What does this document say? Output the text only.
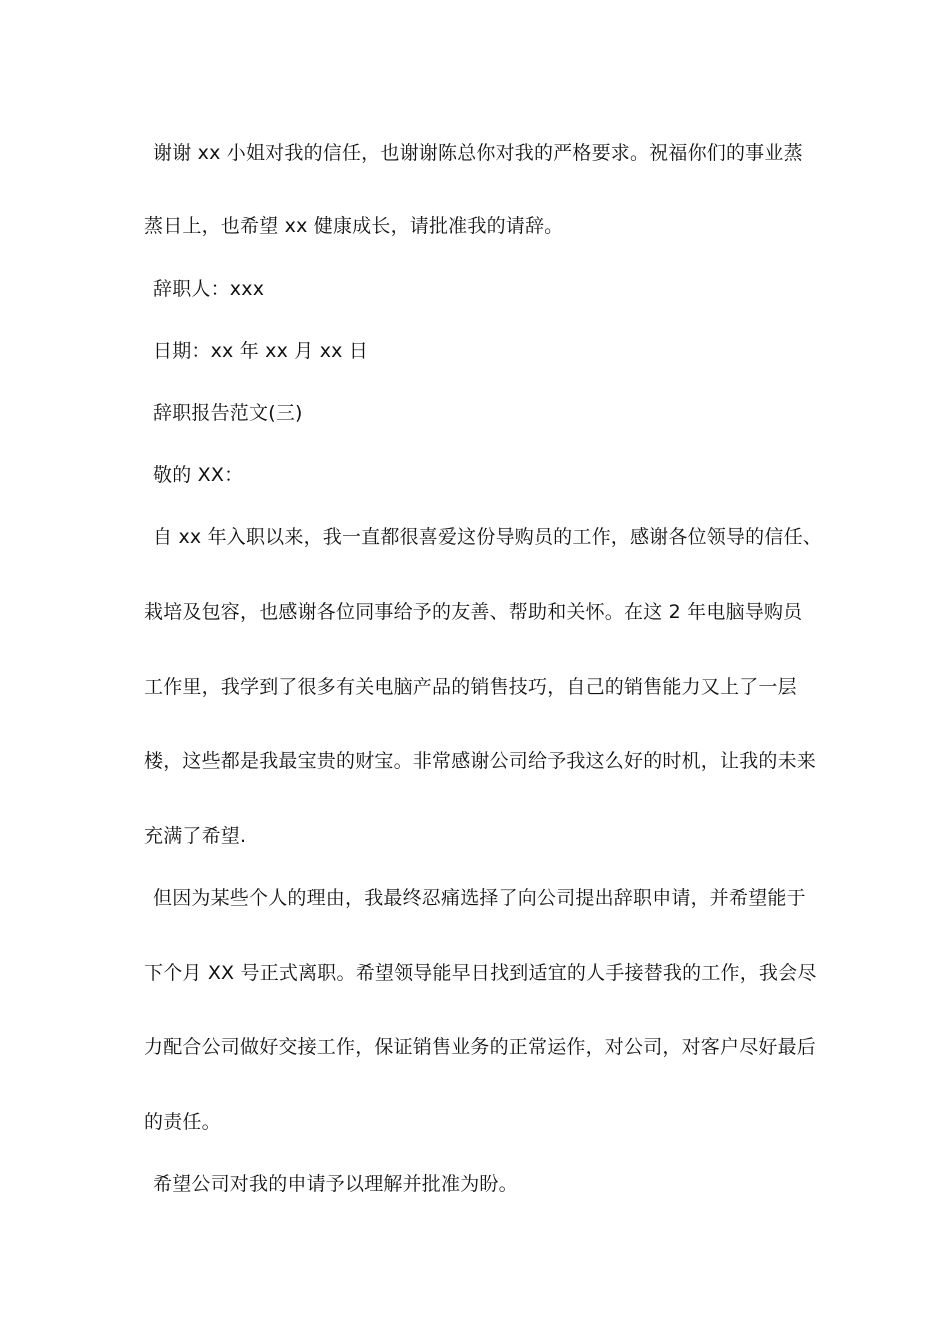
谢谢 xx 小姐对我的信任，也谢谢陈总你对我的严格要求。祝福你们的事业蒸
蒸日上，也希望 xx 健康成长，请批准我的请辞。
辞职人：xxx
日期：xx 年 xx 月 xx 日
辞职报告范文(三)
敬的 XX：
自 xx 年入职以来，我一直都很喜爱这份导购员的工作，感谢各位领导的信任、
栽培及包容，也感谢各位同事给予的友善、帮助和关怀。在这 2 年电脑导购员
工作里，我学到了很多有关电脑产品的销售技巧，自己的销售能力又上了一层
楼，这些都是我最宝贵的财宝。非常感谢公司给予我这么好的时机，让我的未来
充满了希望.
但因为某些个人的理由，我最终忍痛选择了向公司提出辞职申请，并希望能于
下个月 XX 号正式离职。希望领导能早日找到适宜的人手接替我的工作，我会尽
力配合公司做好交接工作，保证销售业务的正常运作，对公司，对客户尽好最后
的责任。
希望公司对我的申请予以理解并批准为盼。
